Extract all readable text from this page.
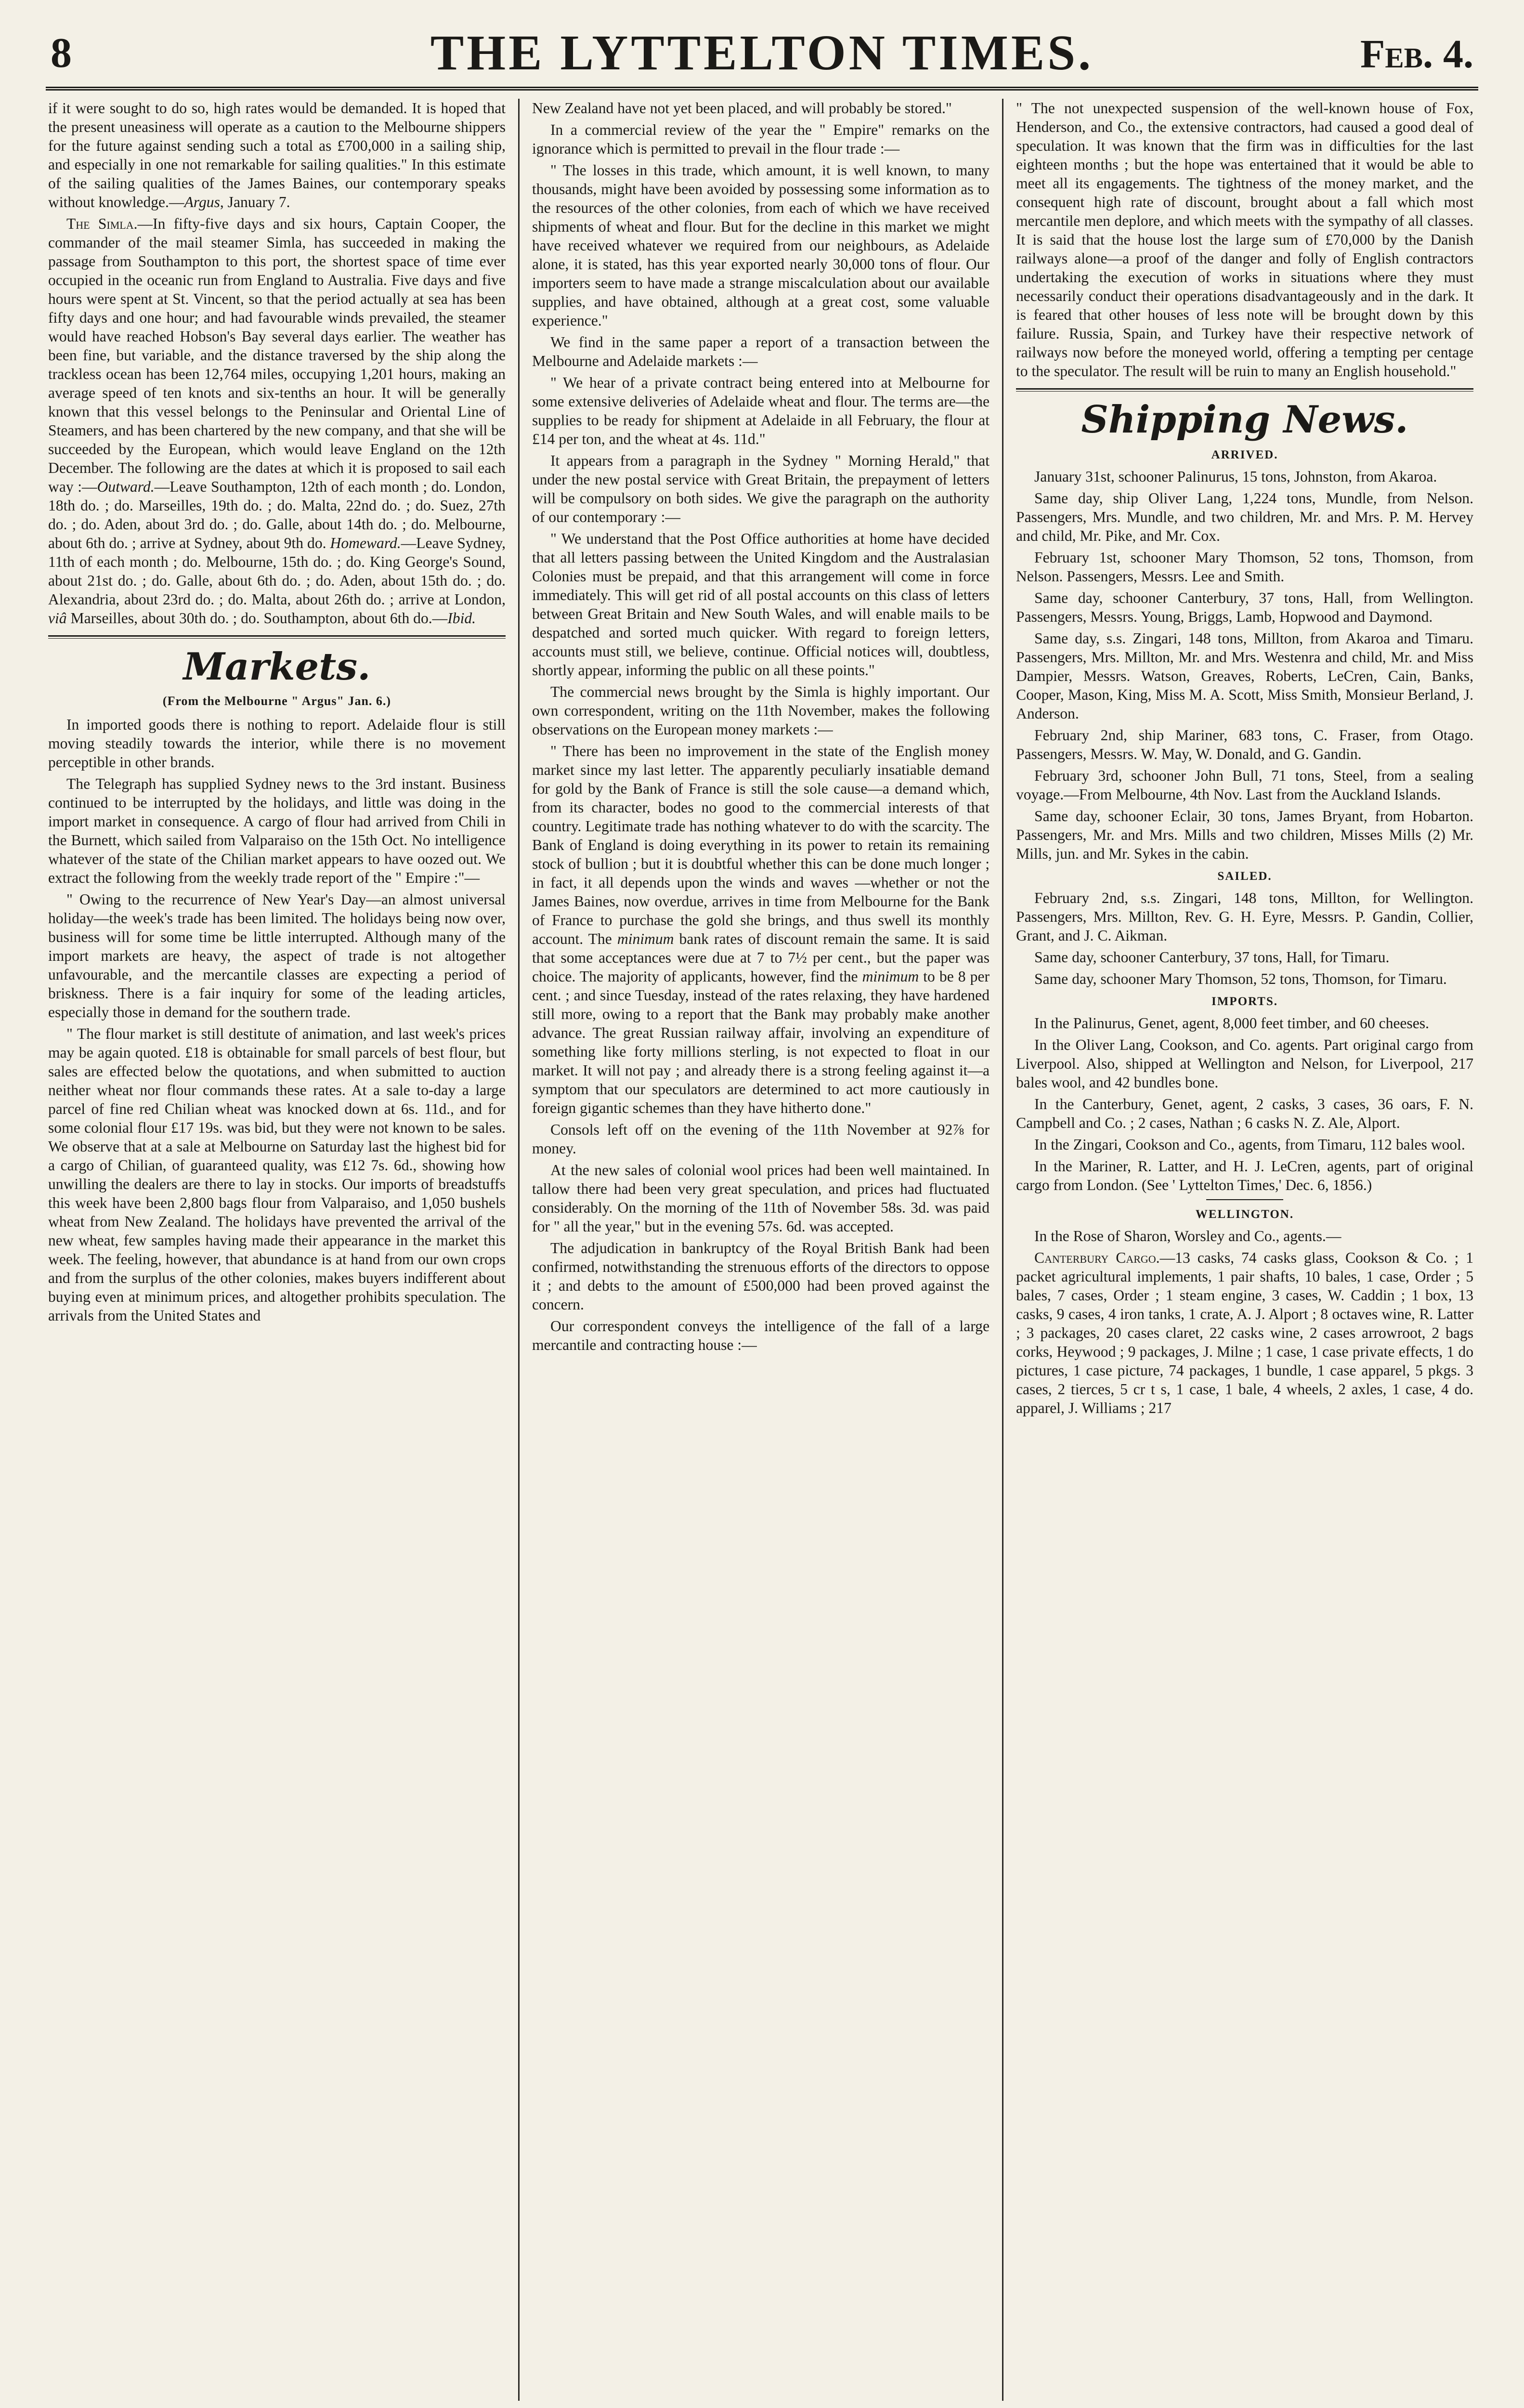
8	THE LYTTELTON TIMES.	Feb. 4.

if it were sought to do so, high rates would be demanded. It is hoped that the present uneasiness will operate as a caution to the Melbourne shippers for the future against sending such a total as £700,000 in a sailing ship, and especially in one not remarkable for sailing qualities." In this estimate of the sailing qualities of the James Baines, our contemporary speaks without knowledge.—Argus, January 7.

The Simla.—In fifty-five days and six hours, Captain Cooper, the commander of the mail steamer Simla, has succeeded in making the passage from Southampton to this port, the shortest space of time ever occupied in the oceanic run from England to Australia. Five days and five hours were spent at St. Vincent, so that the period actually at sea has been fifty days and one hour; and had favourable winds prevailed, the steamer would have reached Hobson's Bay several days earlier. The weather has been fine, but variable, and the distance traversed by the ship along the trackless ocean has been 12,764 miles, occupying 1,201 hours, making an average speed of ten knots and six-tenths an hour. It will be generally known that this vessel belongs to the Peninsular and Oriental Line of Steamers, and has been chartered by the new company, and that she will be succeeded by the European, which would leave England on the 12th December. The following are the dates at which it is proposed to sail each way :—Outward.—Leave Southampton, 12th of each month ; do. London, 18th do. ; do. Marseilles, 19th do. ; do. Malta, 22nd do. ; do. Suez, 27th do. ; do. Aden, about 3rd do. ; do. Galle, about 14th do. ; do. Melbourne, about 6th do. ; arrive at Sydney, about 9th do. Homeward.—Leave Sydney, 11th of each month ; do. Melbourne, 15th do. ; do. King George's Sound, about 21st do. ; do. Galle, about 6th do. ; do. Aden, about 15th do. ; do. Alexandria, about 23rd do. ; do. Malta, about 26th do. ; arrive at London, viâ Marseilles, about 30th do. ; do. Southampton, about 6th do.—Ibid.

Markets.
(From the Melbourne " Argus" Jan. 6.)

In imported goods there is nothing to report. Adelaide flour is still moving steadily towards the interior, while there is no movement perceptible in other brands.

The Telegraph has supplied Sydney news to the 3rd instant. Business continued to be interrupted by the holidays, and little was doing in the import market in consequence. A cargo of flour had arrived from Chili in the Burnett, which sailed from Valparaiso on the 15th Oct. No intelligence whatever of the state of the Chilian market appears to have oozed out. We extract the following from the weekly trade report of the " Empire :"—

" Owing to the recurrence of New Year's Day—an almost universal holiday—the week's trade has been limited. The holidays being now over, business will for some time be little interrupted. Although many of the import markets are heavy, the aspect of trade is not altogether unfavourable, and the mercantile classes are expecting a period of briskness. There is a fair inquiry for some of the leading articles, especially those in demand for the southern trade.

" The flour market is still destitute of animation, and last week's prices may be again quoted. £18 is obtainable for small parcels of best flour, but sales are effected below the quotations, and when submitted to auction neither wheat nor flour commands these rates. At a sale to-day a large parcel of fine red Chilian wheat was knocked down at 6s. 11d., and for some colonial flour £17 19s. was bid, but they were not known to be sales. We observe that at a sale at Melbourne on Saturday last the highest bid for a cargo of Chilian, of guaranteed quality, was £12 7s. 6d., showing how unwilling the dealers are there to lay in stocks. Our imports of breadstuffs this week have been 2,800 bags flour from Valparaiso, and 1,050 bushels wheat from New Zealand. The holidays have prevented the arrival of the new wheat, few samples having made their appearance in the market this week. The feeling, however, that abundance is at hand from our own crops and from the surplus of the other colonies, makes buyers indifferent about buying even at minimum prices, and altogether prohibits speculation. The arrivals from the United States and

New Zealand have not yet been placed, and will probably be stored."

In a commercial review of the year the " Empire" remarks on the ignorance which is permitted to prevail in the flour trade :—

" The losses in this trade, which amount, it is well known, to many thousands, might have been avoided by possessing some information as to the resources of the other colonies, from each of which we have received shipments of wheat and flour. But for the decline in this market we might have received whatever we required from our neighbours, as Adelaide alone, it is stated, has this year exported nearly 30,000 tons of flour. Our importers seem to have made a strange miscalculation about our available supplies, and have obtained, although at a great cost, some valuable experience."

We find in the same paper a report of a transaction between the Melbourne and Adelaide markets :—

" We hear of a private contract being entered into at Melbourne for some extensive deliveries of Adelaide wheat and flour. The terms are—the supplies to be ready for shipment at Adelaide in all February, the flour at £14 per ton, and the wheat at 4s. 11d."

It appears from a paragraph in the Sydney " Morning Herald," that under the new postal service with Great Britain, the prepayment of letters will be compulsory on both sides. We give the paragraph on the authority of our contemporary :—

" We understand that the Post Office authorities at home have decided that all letters passing between the United Kingdom and the Australasian Colonies must be prepaid, and that this arrangement will come in force immediately. This will get rid of all postal accounts on this class of letters between Great Britain and New South Wales, and will enable mails to be despatched and sorted much quicker. With regard to foreign letters, accounts must still, we believe, continue. Official notices will, doubtless, shortly appear, informing the public on all these points."

The commercial news brought by the Simla is highly important. Our own correspondent, writing on the 11th November, makes the following observations on the European money markets :—

" There has been no improvement in the state of the English money market since my last letter. The apparently peculiarly insatiable demand for gold by the Bank of France is still the sole cause—a demand which, from its character, bodes no good to the commercial interests of that country. Legitimate trade has nothing whatever to do with the scarcity. The Bank of England is doing everything in its power to retain its remaining stock of bullion ; but it is doubtful whether this can be done much longer ; in fact, it all depends upon the winds and waves —whether or not the James Baines, now overdue, arrives in time from Melbourne for the Bank of France to purchase the gold she brings, and thus swell its monthly account. The minimum bank rates of discount remain the same. It is said that some acceptances were due at 7 to 7½ per cent., but the paper was choice. The majority of applicants, however, find the minimum to be 8 per cent. ; and since Tuesday, instead of the rates relaxing, they have hardened still more, owing to a report that the Bank may probably make another advance. The great Russian railway affair, involving an expenditure of something like forty millions sterling, is not expected to float in our market. It will not pay ; and already there is a strong feeling against it—a symptom that our speculators are determined to act more cautiously in foreign gigantic schemes than they have hitherto done."

Consols left off on the evening of the 11th November at 92⅞ for money.

At the new sales of colonial wool prices had been well maintained. In tallow there had been very great speculation, and prices had fluctuated considerably. On the morning of the 11th of November 58s. 3d. was paid for " all the year," but in the evening 57s. 6d. was accepted.

The adjudication in bankruptcy of the Royal British Bank had been confirmed, notwithstanding the strenuous efforts of the directors to oppose it ; and debts to the amount of £500,000 had been proved against the concern.

Our correspondent conveys the intelligence of the fall of a large mercantile and contracting house :—

" The not unexpected suspension of the well-known house of Fox, Henderson, and Co., the extensive contractors, had caused a good deal of speculation. It was known that the firm was in difficulties for the last eighteen months ; but the hope was entertained that it would be able to meet all its engagements. The tightness of the money market, and the consequent high rate of discount, brought about a fall which most mercantile men deplore, and which meets with the sympathy of all classes. It is said that the house lost the large sum of £70,000 by the Danish railways alone—a proof of the danger and folly of English contractors undertaking the execution of works in situations where they must necessarily conduct their operations disadvantageously and in the dark. It is feared that other houses of less note will be brought down by this failure. Russia, Spain, and Turkey have their respective network of railways now before the moneyed world, offering a tempting per centage to the speculator. The result will be ruin to many an English household."

Shipping News.
ARRIVED.

January 31st, schooner Palinurus, 15 tons, Johnston, from Akaroa.

Same day, ship Oliver Lang, 1,224 tons, Mundle, from Nelson. Passengers, Mrs. Mundle, and two children, Mr. and Mrs. P. M. Hervey and child, Mr. Pike, and Mr. Cox.

February 1st, schooner Mary Thomson, 52 tons, Thomson, from Nelson. Passengers, Messrs. Lee and Smith.

Same day, schooner Canterbury, 37 tons, Hall, from Wellington. Passengers, Messrs. Young, Briggs, Lamb, Hopwood and Daymond.

Same day, s.s. Zingari, 148 tons, Millton, from Akaroa and Timaru. Passengers, Mrs. Millton, Mr. and Mrs. Westenra and child, Mr. and Miss Dampier, Messrs. Watson, Greaves, Roberts, LeCren, Cain, Banks, Cooper, Mason, King, Miss M. A. Scott, Miss Smith, Monsieur Berland, J. Anderson.

February 2nd, ship Mariner, 683 tons, C. Fraser, from Otago. Passengers, Messrs. W. May, W. Donald, and G. Gandin.

February 3rd, schooner John Bull, 71 tons, Steel, from a sealing voyage.—From Melbourne, 4th Nov. Last from the Auckland Islands.

Same day, schooner Eclair, 30 tons, James Bryant, from Hobarton. Passengers, Mr. and Mrs. Mills and two children, Misses Mills (2) Mr. Mills, jun. and Mr. Sykes in the cabin.

SAILED.

February 2nd, s.s. Zingari, 148 tons, Millton, for Wellington. Passengers, Mrs. Millton, Rev. G. H. Eyre, Messrs. P. Gandin, Collier, Grant, and J. C. Aikman.

Same day, schooner Canterbury, 37 tons, Hall, for Timaru.

Same day, schooner Mary Thomson, 52 tons, Thomson, for Timaru.

IMPORTS.

In the Palinurus, Genet, agent, 8,000 feet timber, and 60 cheeses.

In the Oliver Lang, Cookson, and Co. agents. Part original cargo from Liverpool. Also, shipped at Wellington and Nelson, for Liverpool, 217 bales wool, and 42 bundles bone.

In the Canterbury, Genet, agent, 2 casks, 3 cases, 36 oars, F. N. Campbell and Co. ; 2 cases, Nathan ; 6 casks N. Z. Ale, Alport.

In the Zingari, Cookson and Co., agents, from Timaru, 112 bales wool.

In the Mariner, R. Latter, and H. J. LeCren, agents, part of original cargo from London. (See ' Lyttelton Times,' Dec. 6, 1856.)

WELLINGTON.

In the Rose of Sharon, Worsley and Co., agents.—

Canterbury Cargo.—13 casks, 74 casks glass, Cookson & Co. ; 1 packet agricultural implements, 1 pair shafts, 10 bales, 1 case, Order ; 5 bales, 7 cases, Order ; 1 steam engine, 3 cases, W. Caddin ; 1 box, 13 casks, 9 cases, 4 iron tanks, 1 crate, A. J. Alport ; 8 octaves wine, R. Latter ; 3 packages, 20 cases claret, 22 casks wine, 2 cases arrowroot, 2 bags corks, Heywood ; 9 packages, J. Milne ; 1 case, 1 case private effects, 1 do pictures, 1 case picture, 74 packages, 1 bundle, 1 case apparel, 5 pkgs. 3 cases, 2 tierces, 5 cr t s, 1 case, 1 bale, 4 wheels, 2 axles, 1 case, 4 do. apparel, J. Williams ; 217
